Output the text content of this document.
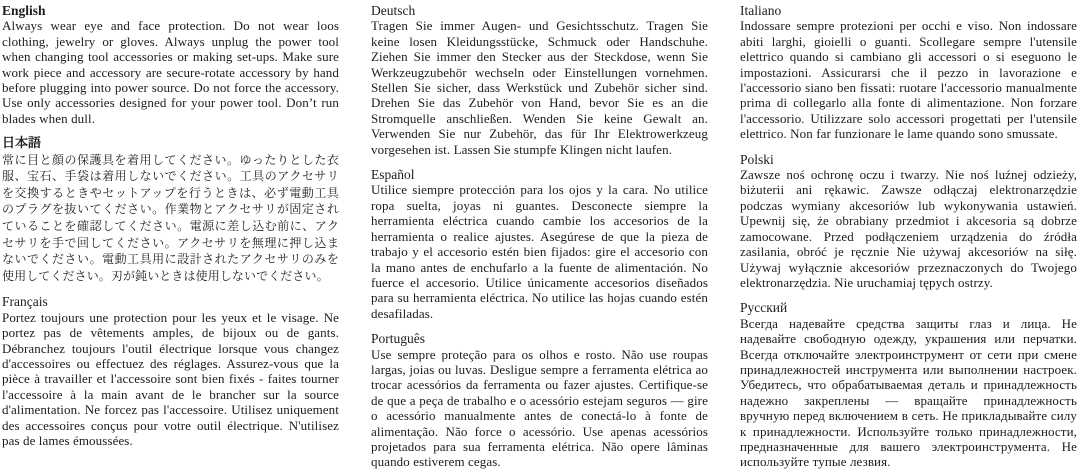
English

Always wear eye and face protection. Do not wear loos clothing, jewelry or gloves. Always unplug the power tool when changing tool accessories or making set-ups. Make sure work piece and accessory are secure-rotate accessory by hand before plugging into power source. Do not force the accessory. Use only accessories designed for your power tool. Don’t run blades when dull.

日本語

常に目と顔の保護具を着用してください。ゆったりとした衣服、宝石、手袋は着用しないでください。工具のアクセサリを交換するときやセットアップを行うときは、必ず電動工具のプラグを抜いてください。作業物とアクセサリが固定されていることを確認してください。電源に差し込む前に、アクセサリを手で回してください。アクセサリを無理に押し込まないでください。電動工具用に設計されたアクセサリのみを使用してください。刃が鈍いときは使用しないでください。

Français

Portez toujours une protection pour les yeux et le visage. Ne portez pas de vêtements amples, de bijoux ou de gants. Débranchez toujours l'outil électrique lorsque vous changez d'accessoires ou effectuez des réglages. Assurez-vous que la pièce à travailler et l'accessoire sont bien fixés - faites tourner l'accessoire à la main avant de le brancher sur la source d'alimentation. Ne forcez pas l'accessoire. Utilisez uniquement des accessoires conçus pour votre outil électrique. N'utilisez pas de lames émoussées.

Deutsch

Tragen Sie immer Augen- und Gesichtsschutz. Tragen Sie keine losen Kleidungsstücke, Schmuck oder Handschuhe. Ziehen Sie immer den Stecker aus der Steckdose, wenn Sie Werkzeugzubehör wechseln oder Einstellungen vornehmen. Stellen Sie sicher, dass Werkstück und Zubehör sicher sind. Drehen Sie das Zubehör von Hand, bevor Sie es an die Stromquelle anschließen. Wenden Sie keine Gewalt an. Verwenden Sie nur Zubehör, das für Ihr Elektrowerkzeug vorgesehen ist. Lassen Sie stumpfe Klingen nicht laufen.

Español

Utilice siempre protección para los ojos y la cara. No utilice ropa suelta, joyas ni guantes. Desconecte siempre la herramienta eléctrica cuando cambie los accesorios de la herramienta o realice ajustes. Asegúrese de que la pieza de trabajo y el accesorio estén bien fijados: gire el accesorio con la mano antes de enchufarlo a la fuente de alimentación. No fuerce el accesorio. Utilice únicamente accesorios diseñados para su herramienta eléctrica. No utilice las hojas cuando estén desafiladas.

Português

Use sempre proteção para os olhos e rosto. Não use roupas largas, joias ou luvas. Desligue sempre a ferramenta elétrica ao trocar acessórios da ferramenta ou fazer ajustes. Certifique-se de que a peça de trabalho e o acessório estejam seguros — gire o acessório manualmente antes de conectá-lo à fonte de alimentação. Não force o acessório. Use apenas acessórios projetados para sua ferramenta elétrica. Não opere lâminas quando estiverem cegas.

Italiano

Indossare sempre protezioni per occhi e viso. Non indossare abiti larghi, gioielli o guanti. Scollegare sempre l'utensile elettrico quando si cambiano gli accessori o si eseguono le impostazioni. Assicurarsi che il pezzo in lavorazione e l'accessorio siano ben fissati: ruotare l'accessorio manualmente prima di collegarlo alla fonte di alimentazione. Non forzare l'accessorio. Utilizzare solo accessori progettati per l'utensile elettrico. Non far funzionare le lame quando sono smussate.

Polski

Zawsze noś ochronę oczu i twarzy. Nie noś luźnej odzieży, biżuterii ani rękawic. Zawsze odłączaj elektronarzędzie podczas wymiany akcesoriów lub wykonywania ustawień. Upewnij się, że obrabiany przedmiot i akcesoria są dobrze zamocowane. Przed podłączeniem urządzenia do źródła zasilania, obróć je ręcznie Nie używaj akcesoriów na siłę. Używaj wyłącznie akcesoriów przeznaczonych do Twojego elektronarzędzia. Nie uruchamiaj tępych ostrzy.

Русский

Всегда надевайте средства защиты глаз и лица. Не надевайте свободную одежду, украшения или перчатки. Всегда отключайте электроинструмент от сети при смене принадлежностей инструмента или выполнении настроек. Убедитесь, что обрабатываемая деталь и принадлежность надежно закреплены — вращайте принадлежность вручную перед включением в сеть. Не прикладывайте силу к принадлежности. Используйте только принадлежности, предназначенные для вашего электроинструмента. Не используйте тупые лезвия.
